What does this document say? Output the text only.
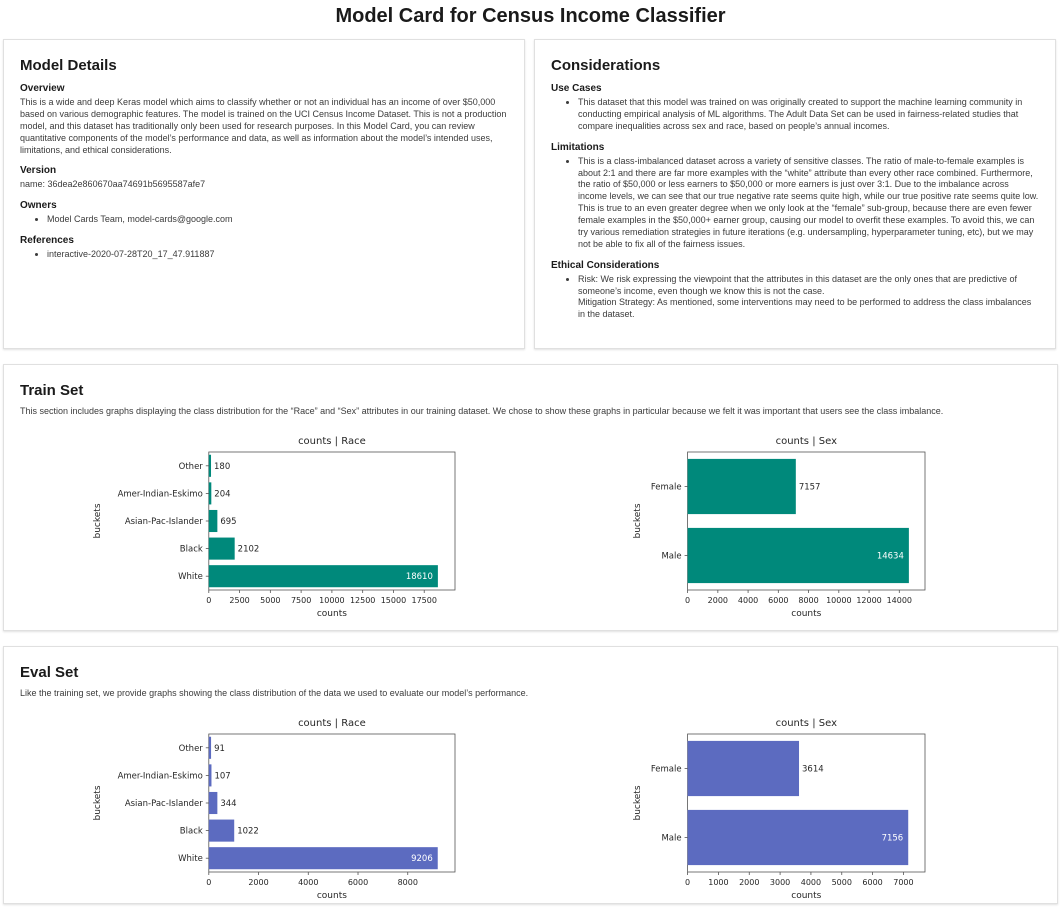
Model Card for Census Income Classifier
Model Details
Overview

This is a wide and deep Keras model which aims to classify whether or not an individual has an income of over $50,000 based on various demographic features. The model is trained on the UCI Census Income Dataset. This is not a production model, and this dataset has traditionally only been used for research purposes. In this Model Card, you can review quantitative components of the model’s performance and data, as well as information about the model’s intended uses, limitations, and ethical considerations.

Version

name: 36dea2e860670aa74691b5695587afe7

Owners
• Model Cards Team, model-cards@google.com
References
• interactive-2020-07-28T20_17_47.911887
Considerations
Use Cases
• This dataset that this model was trained on was originally created to support the machine learning community in conducting empirical analysis of ML algorithms. The Adult Data Set can be used in fairness-related studies that compare inequalities across sex and race, based on people’s annual incomes.
Limitations
• This is a class-imbalanced dataset across a variety of sensitive classes. The ratio of male-to-female examples is about 2:1 and there are far more examples with the “white” attribute than every other race combined. Furthermore, the ratio of $50,000 or less earners to $50,000 or more earners is just over 3:1. Due to the imbalance across income levels, we can see that our true negative rate seems quite high, while our true positive rate seems quite low. This is true to an even greater degree when we only look at the “female” sub-group, because there are even fewer female examples in the $50,000+ earner group, causing our model to overfit these examples. To avoid this, we can try various remediation strategies in future iterations (e.g. undersampling, hyperparameter tuning, etc), but we may not be able to fix all of the fairness issues.
Ethical Considerations
• Risk: We risk expressing the viewpoint that the attributes in this dataset are the only ones that are predictive of someone’s income, even though we know this is not the case.
Mitigation Strategy: As mentioned, some interventions may need to be performed to address the class imbalances in the dataset.
Train Set

This section includes graphs displaying the class distribution for the “Race” and “Sex” attributes in our training dataset. We chose to show these graphs in particular because we felt it was important that users see the class imbalance.

counts | Race
Other 180
Amer-Indian-Eskimo 204
Asian-Pac-Islander 695
Black	2102
White	18610
0 2500 5000 7500 10000 12500 15000 17500
counts
buckets
counts | Sex
Female	7157
Male	14634
0 2000 4000 6000 8000 10000 12000 14000
counts
buckets
Eval Set

Like the training set, we provide graphs showing the class distribution of the data we used to evaluate our model’s performance.

counts | Race
Other 91
Amer-Indian-Eskimo 107
Asian-Pac-Islander 344
Black	1022
White	9206
0	2000	4000	6000	8000
counts
buckets
counts | Sex
Female	3614
Male	7156
0 1000 2000 3000 4000 5000 6000 7000
counts
buckets
